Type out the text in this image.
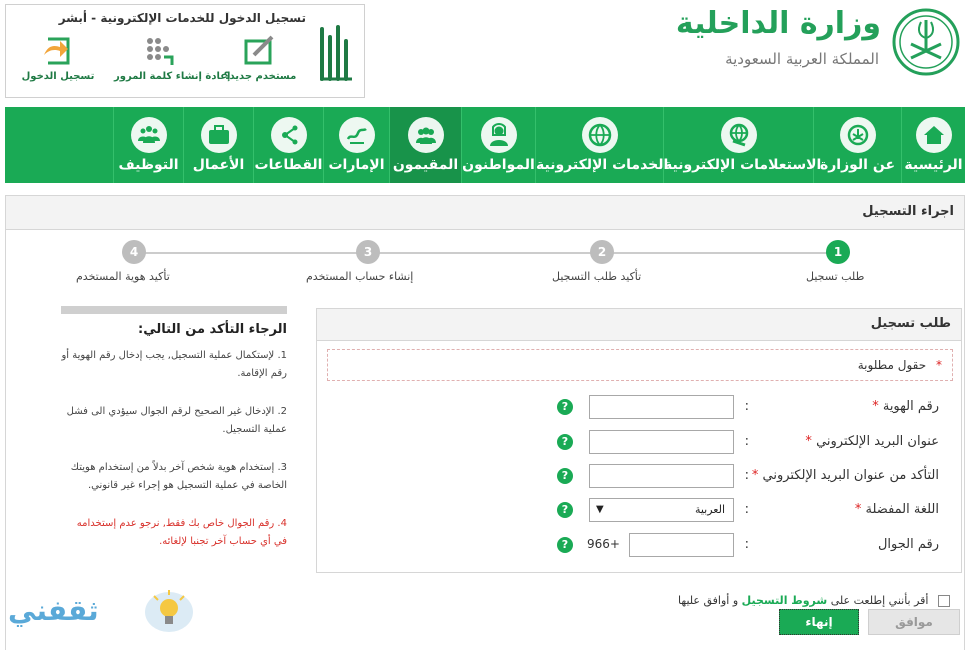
وزارة الداخلية
المملكة العربية السعودية
تسجيل الدخول للخدمات الإلكترونية - أبشر
مستخدم جديد؟
إعادة إنشاء كلمة المرور
تسجيل الدخول
الرئيسية
عن الوزارة
الاستعلامات الإلكترونية
الخدمات الإلكترونية
المواطنون
المقيمون
الإمارات
القطاعات
الأعمال
التوظيف
اجراء التسجيل
1
طلب تسجيل
2
تأكيد طلب التسجيل
3
إنشاء حساب المستخدم
4
تأكيد هوية المستخدم
الرجاء التأكد من التالي:
1. لإستكمال عملية التسجيل, يجب إدخال رقم الهوية أو رقم الإقامة.
2. الإدخال غير الصحيح لرقم الجوال سيؤدي الى فشل عملية التسجيل.
3. إستخدام هوية شخص آخر بدلاً من إستخدام هويتك الخاصة في عملية التسجيل هو إجراء غير قانوني.
4. رقم الجوال خاص بك فقط, نرجو عدم إستخدامه في أي حساب آخر تجنبا لإلغائه.
طلب تسجيل
* حقول مطلوبة
رقم الهوية *
:
?
عنوان البريد الإلكتروني *
:
?
التأكد من عنوان البريد الإلكتروني *
:
?
اللغة المفضلة *
:
العربية
▼
?
رقم الجوال
:
966+
?
أقر بأنني إطلعت على شروط التسجيل و أوافق عليها
إنهاء	موافق
ثقفني
